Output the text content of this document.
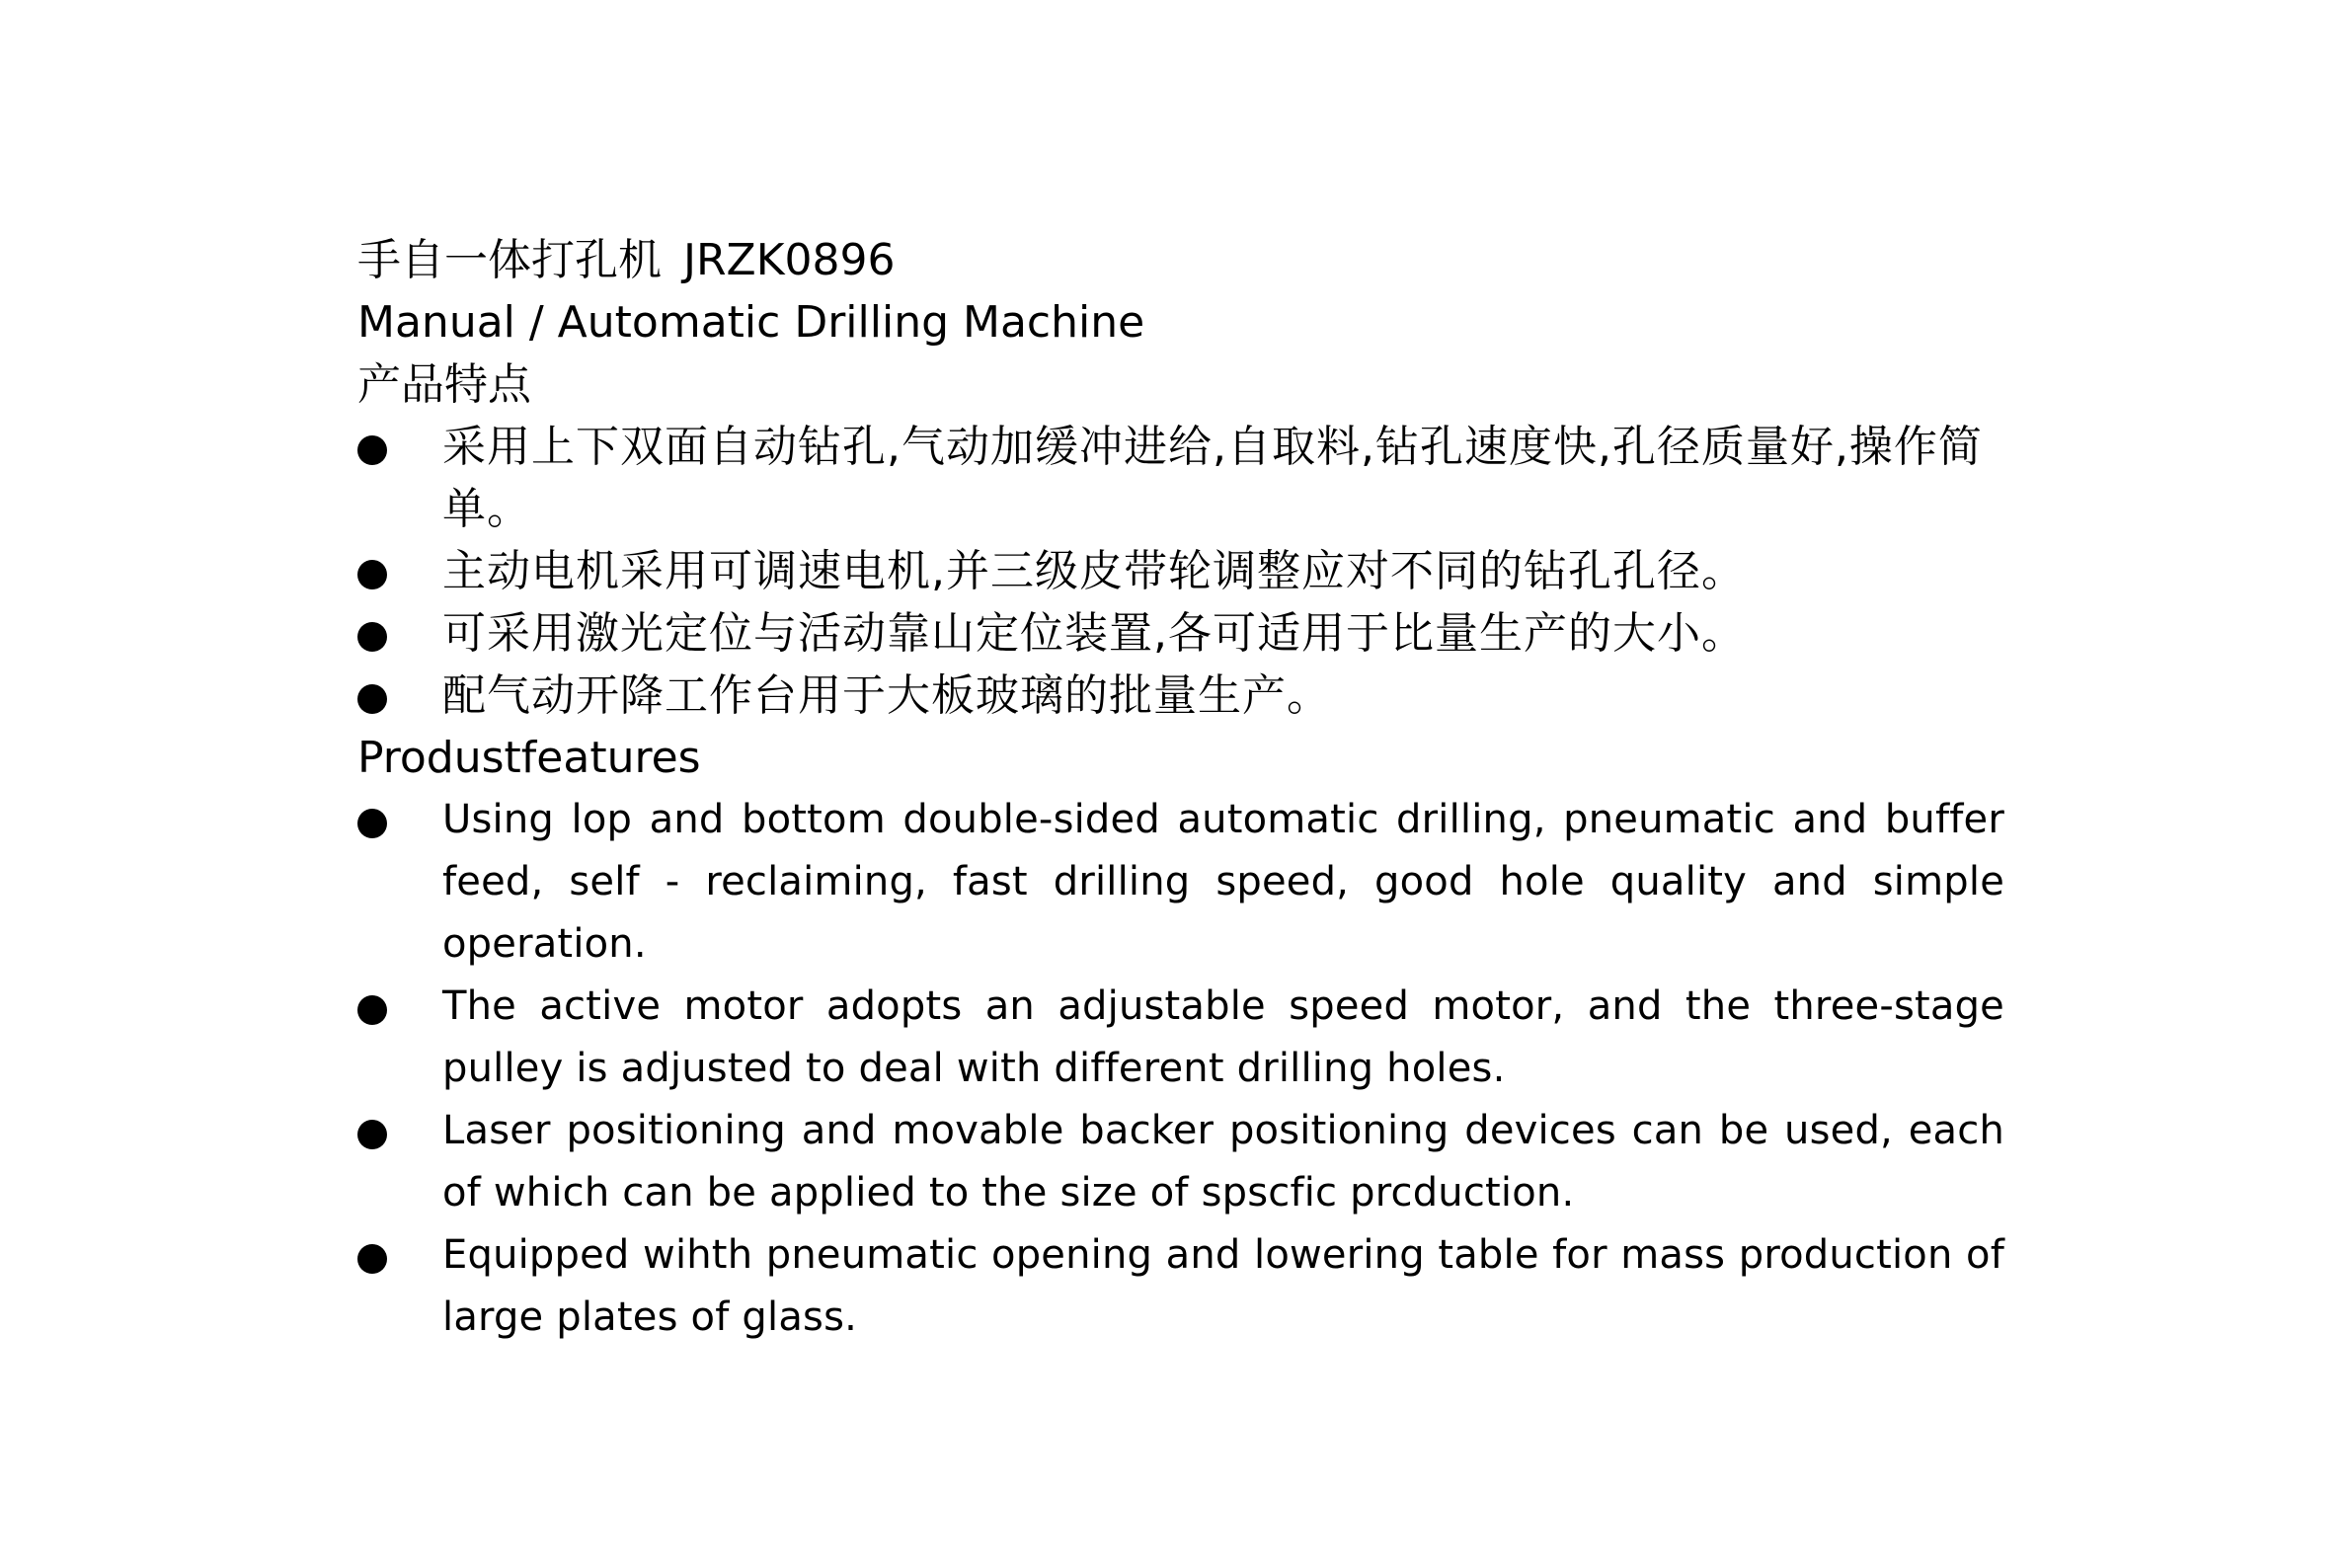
手自一体打孔机 JRZK0896
Manual / Automatic Drilling Machine
产品特点
采用上下双面自动钻孔,气动加缓冲进给,自取料,钻孔速度快,孔径质量好,操作简单。
主动电机采用可调速电机,并三级皮带轮调整应对不同的钻孔孔径。
可采用激光定位与活动靠山定位装置,各可适用于比量生产的大小。
配气动开降工作台用于大板玻璃的批量生产。
Produstfeatures
Using lop and bottom double-sided automatic drilling, pneumatic and buffer feed, self - reclaiming, fast drilling speed, good hole quality and simple operation.
The active motor adopts an adjustable speed motor, and the three-stage pulley is adjusted to deal with different drilling holes.
Laser positioning and movable backer positioning devices can be used, each of which can be applied to the size of spscfic prcduction.
Equipped wihth pneumatic opening and lowering table for mass production of large plates of glass.
